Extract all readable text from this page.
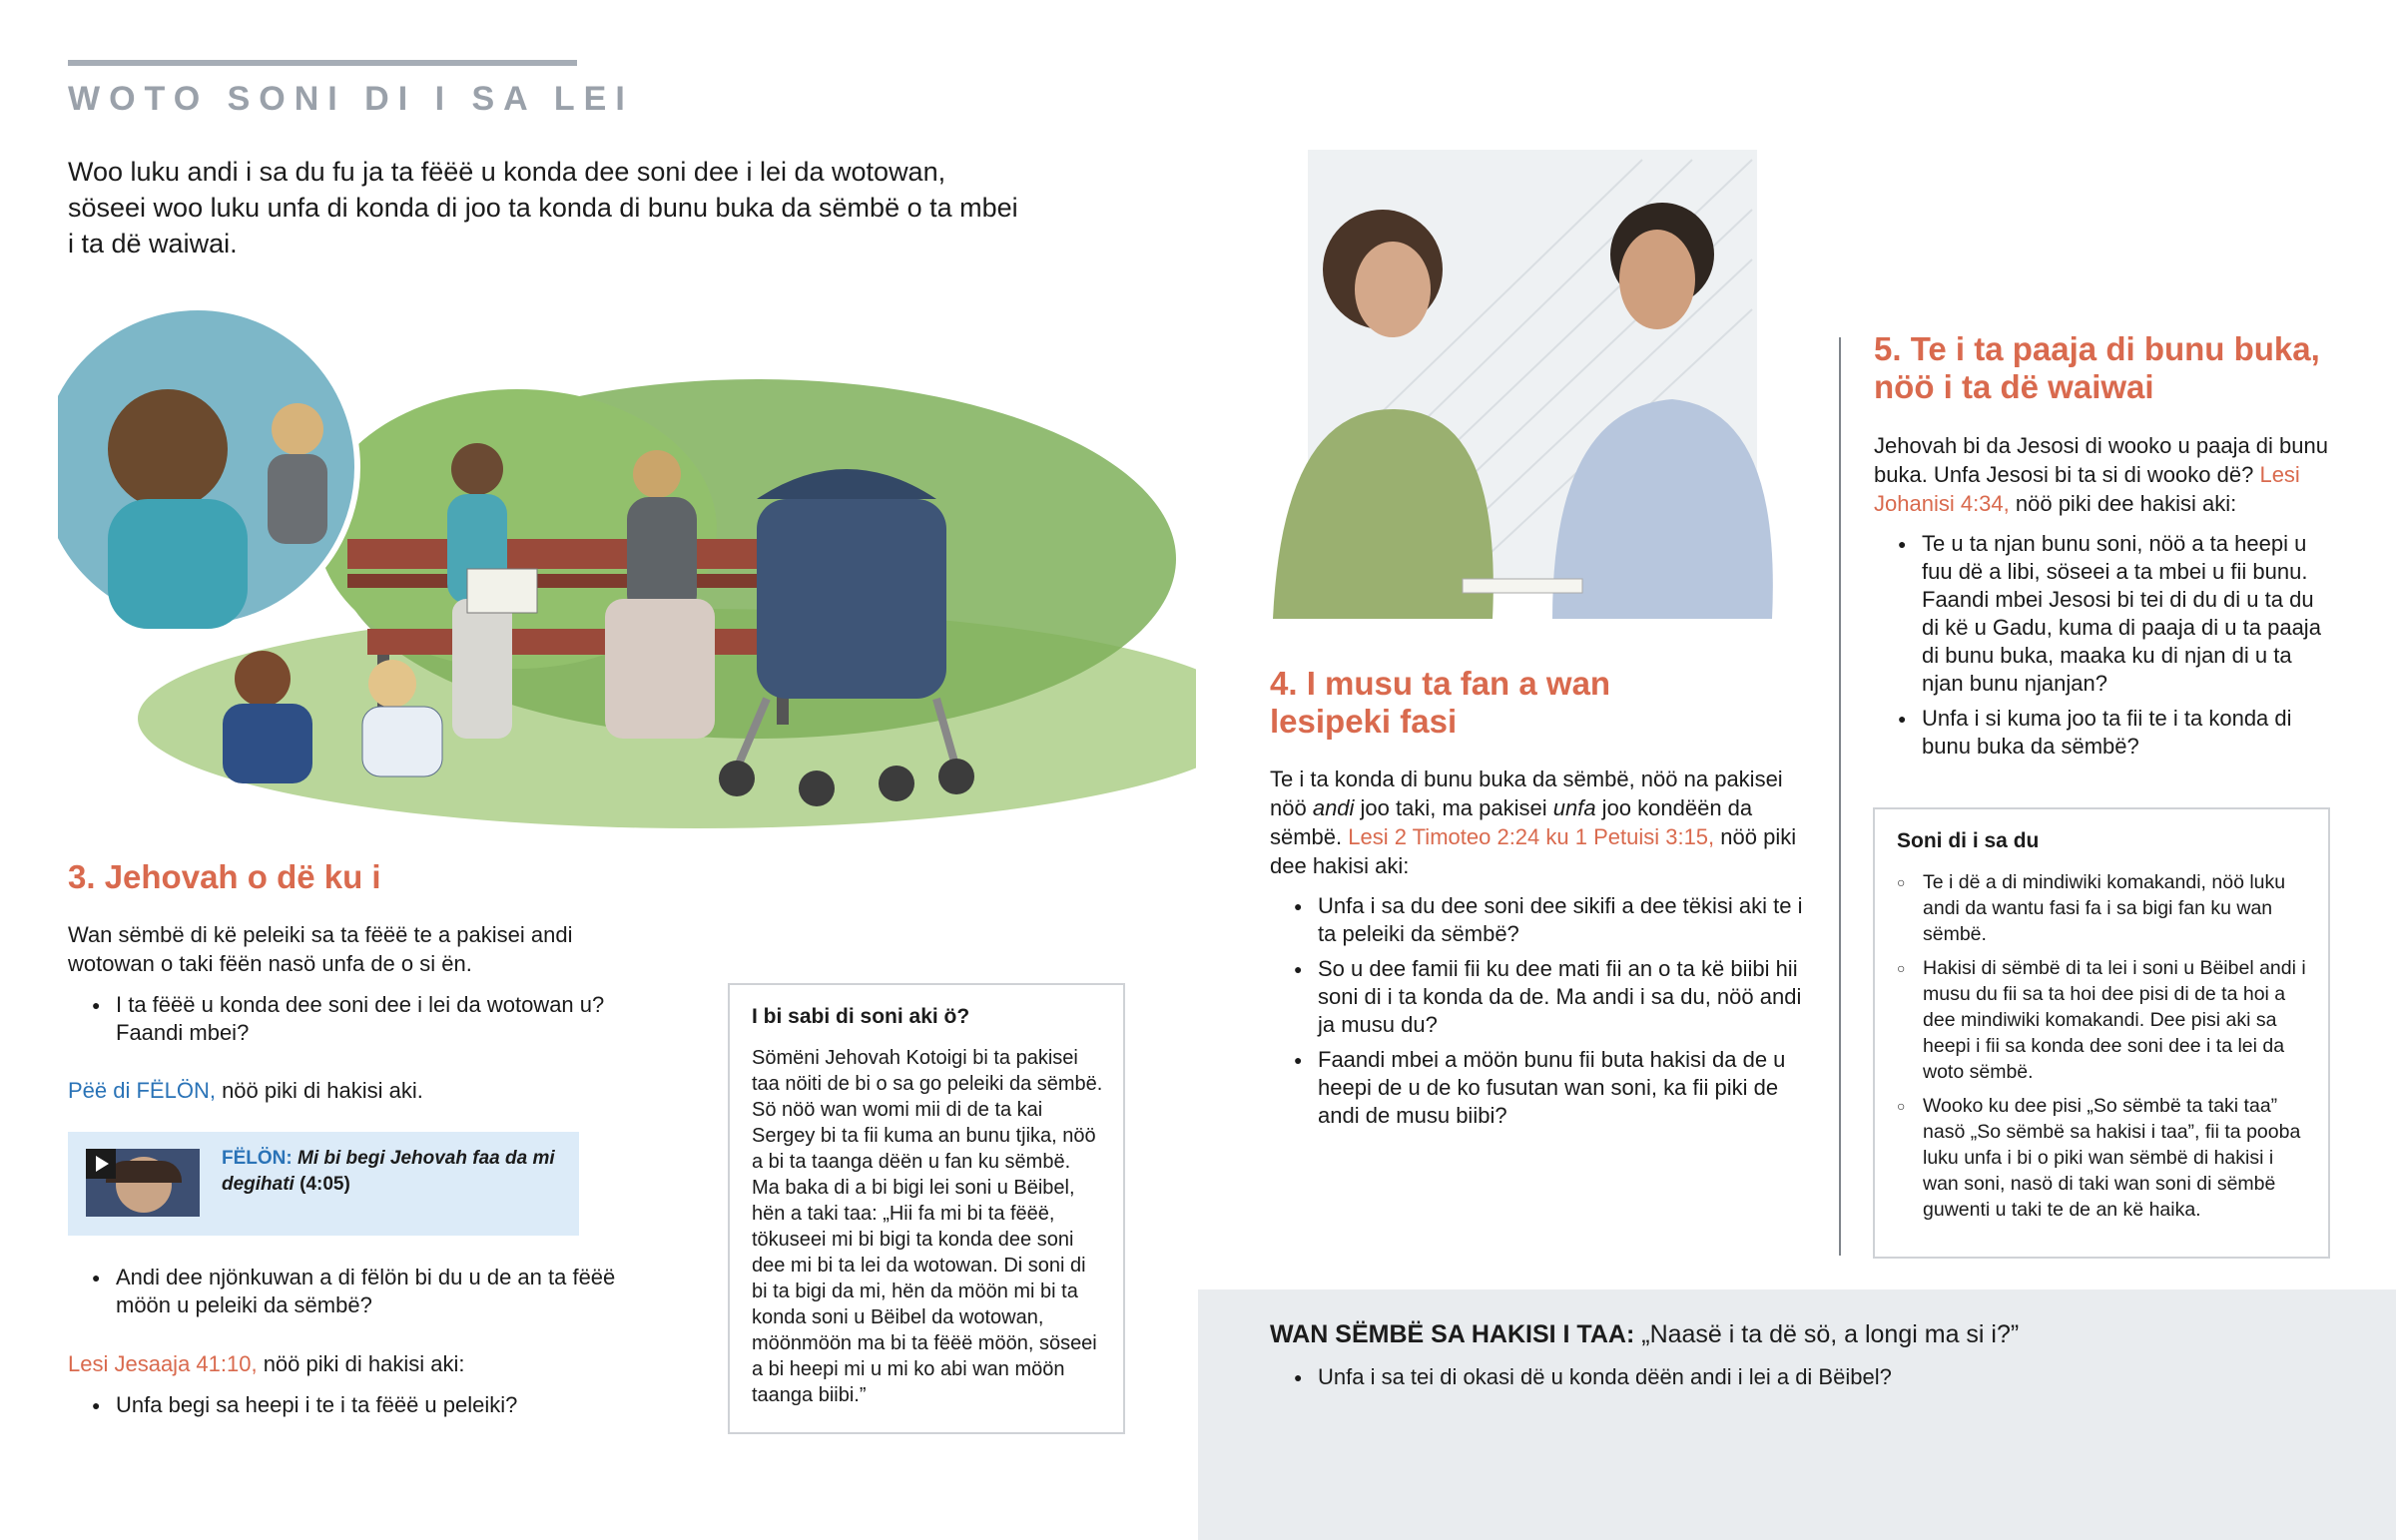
WOTO SONI DI I SA LEI
Woo luku andi i sa du fu ja ta fëëë u konda dee soni dee i lei da wotowan, söseei woo luku unfa di konda di joo ta konda di bunu buka da sëmbë o ta mbei i ta dë waiwai.
3. Jehovah o dë ku i
Wan sëmbë di kë peleiki sa ta fëëë te a pakisei andi wotowan o taki fëën nasö unfa de o si ën.
● I ta fëëë u konda dee soni dee i lei da wotowan u? Faandi mbei?
Pëë di FËLÖN, nöö piki di hakisi aki.
FËLÖN: Mi bi begi Jehovah faa da mi degihati (4:05)
● Andi dee njönkuwan a di fëlön bi du u de an ta fëëë möön u peleiki da sëmbë?
Lesi Jesaaja 41:10, nöö piki di hakisi aki:
● Unfa begi sa heepi i te i ta fëëë u peleiki?
I bi sabi di soni aki ö?
Sömëni Jehovah Kotoigi bi ta pakisei taa nöiti de bi o sa go peleiki da sëmbë. Sö nöö wan womi mii di de ta kai Sergey bi ta fii kuma an bunu tjika, nöö a bi ta taanga dëën u fan ku sëmbë. Ma baka di a bi bigi lei soni u Bëibel, hën a taki taa: „Hii fa mi bi ta fëëë, tökuseei mi bi bigi ta konda dee soni dee mi bi ta lei da wotowan. Di soni di bi ta bigi da mi, hën da möön mi bi ta konda soni u Bëibel da wotowan, möönmöön ma bi ta fëëë möön, söseei a bi heepi mi u mi ko abi wan möön taanga biibi.”
4. I musu ta fan a wan lesipeki fasi
Te i ta konda di bunu buka da sëmbë, nöö na pakisei nöö andi joo taki, ma pakisei unfa joo kondëën da sëmbë. Lesi 2 Timoteo 2:24 ku 1 Petuisi 3:15, nöö piki dee hakisi aki:
● Unfa i sa du dee soni dee sikifi a dee tëkisi aki te i ta peleiki da sëmbë?
● So u dee famii fii ku dee mati fii an o ta kë biibi hii soni di i ta konda da de. Ma andi i sa du, nöö andi ja musu du?
● Faandi mbei a möön bunu fii buta hakisi da de u heepi de u de ko fusutan wan soni, ka fii piki de andi de musu biibi?
5. Te i ta paaja di bunu buka, nöö i ta dë waiwai
Jehovah bi da Jesosi di wooko u paaja di bunu buka. Unfa Jesosi bi ta si di wooko dë? Lesi Johanisi 4:34, nöö piki dee hakisi aki:
● Te u ta njan bunu soni, nöö a ta heepi u fuu dë a libi, söseei a ta mbei u fii bunu. Faandi mbei Jesosi bi tei di du di u ta du di kë u Gadu, kuma di paaja di u ta paaja di bunu buka, maaka ku di njan di u ta njan bunu njanjan?
● Unfa i si kuma joo ta fii te i ta konda di bunu buka da sëmbë?
Soni di i sa du
○ Te i dë a di mindiwiki komakandi, nöö luku andi da wantu fasi fa i sa bigi fan ku wan sëmbë.
○ Hakisi di sëmbë di ta lei i soni u Bëibel andi i musu du fii sa ta hoi dee pisi di de ta hoi a dee mindiwiki komakandi. Dee pisi aki sa heepi i fii sa konda dee soni dee i ta lei da woto sëmbë.
○ Wooko ku dee pisi „So sëmbë ta taki taa” nasö „So sëmbë sa hakisi i taa”, fii ta pooba luku unfa i bi o piki wan sëmbë di hakisi i wan soni, nasö di taki wan soni di sëmbë guwenti u taki te de an kë haika.
WAN SËMBË SA HAKISI I TAA: „Naasë i ta dë sö, a longi ma si i?”
● Unfa i sa tei di okasi dë u konda dëën andi i lei a di Bëibel?
